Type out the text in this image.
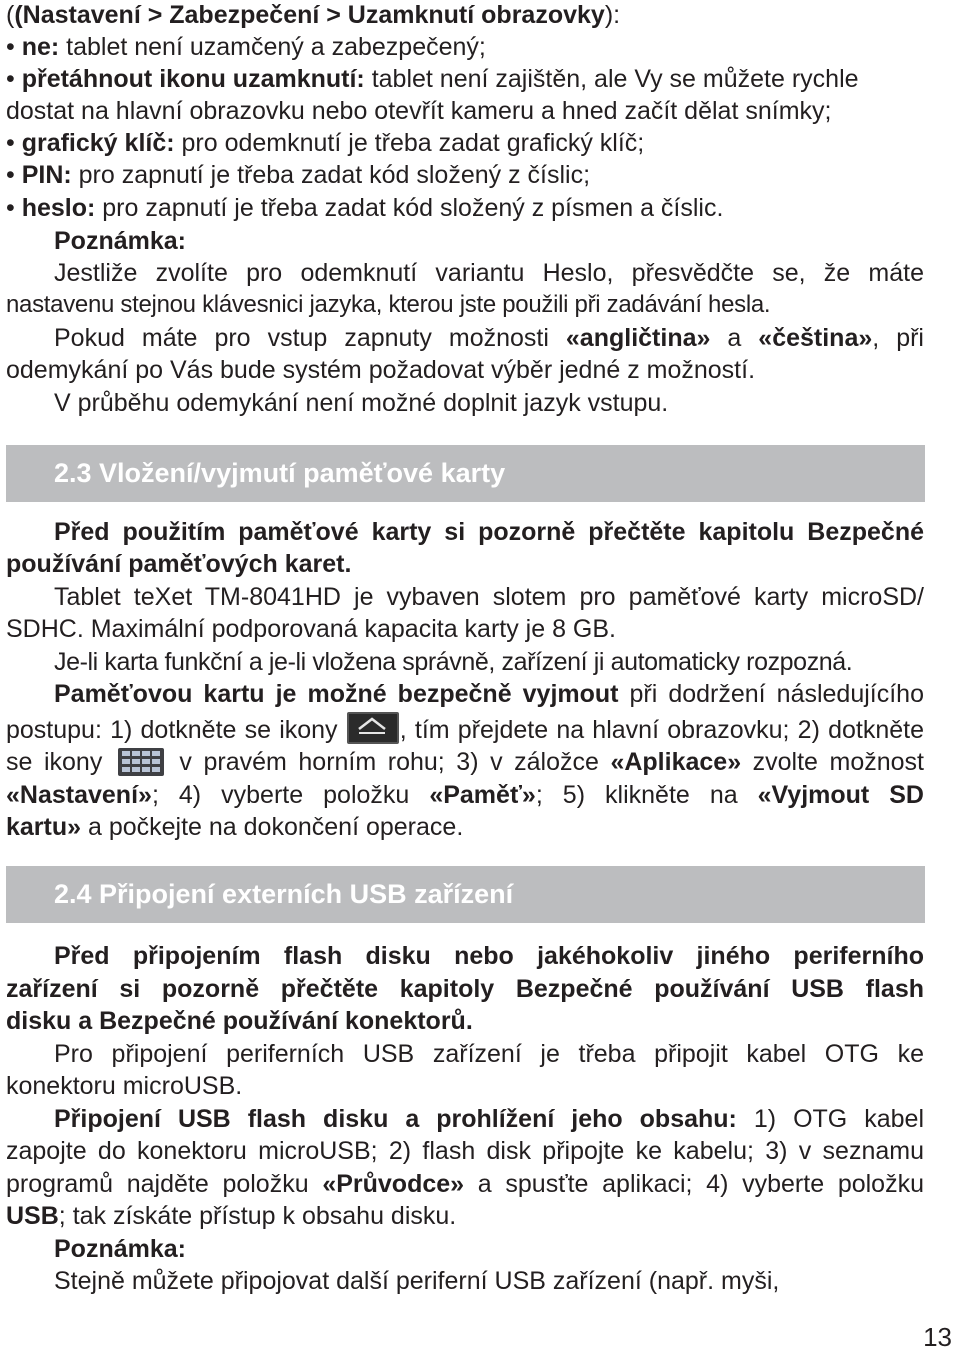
((Nastavení > Zabezpečení > Uzamknutí obrazovky):
• ne: tablet není uzamčený a zabezpečený;
• přetáhnout ikonu uzamknutí: tablet není zajištěn, ale Vy se můžete rychle
dostat na hlavní obrazovku nebo otevřít kameru a hned začít dělat snímky;
• grafický klíč: pro odemknutí je třeba zadat grafický klíč;
• PIN: pro zapnutí je třeba zadat kód složený z číslic;
• heslo: pro zapnutí je třeba zadat kód složený z písmen a číslic.
Poznámka:
Jestliže zvolíte pro odemknutí variantu Heslo, přesvědčte se, že máte
nastavenu stejnou klávesnici jazyka, kterou jste použili při zadávání hesla.
Pokud máte pro vstup zapnuty možnosti «angličtina» a «čeština», při
odemykání po Vás bude systém požadovat výběr jedné z možností.
V průběhu odemykání není možné doplnit jazyk vstupu.
2.3 Vložení/vyjmutí paměťové karty
Před použitím paměťové karty si pozorně přečtěte kapitolu Bezpečné
používání paměťových karet.
Tablet teXet TM-8041HD je vybaven slotem pro paměťové karty microSD/
SDHC. Maximální podporovaná kapacita karty je 8 GB.
Je-li karta funkční a je-li vložena správně, zařízení ji automaticky rozpozná.
Paměťovou kartu je možné bezpečně vyjmout při dodržení následujícího
postupu: 1) dotkněte se ikony
, tím přejdete na hlavní obrazovku; 2) dotkněte
se ikony
v pravém horním rohu; 3) v záložce «Aplikace» zvolte možnost
«Nastavení»; 4) vyberte položku «Paměť»; 5) klikněte na «Vyjmout SD
kartu» a počkejte na dokončení operace.
2.4 Připojení externích USB zařízení
Před připojením flash disku nebo jakéhokoliv jiného periferního
zařízení si pozorně přečtěte kapitoly Bezpečné používání USB flash
disku a Bezpečné používání konektorů.
Pro připojení periferních USB zařízení je třeba připojit kabel OTG ke
konektoru microUSB.
Připojení USB flash disku a prohlížení jeho obsahu: 1) OTG kabel
zapojte do konektoru microUSB; 2) flash disk připojte ke kabelu; 3) v seznamu
programů najděte položku «Průvodce» a spusťte aplikaci; 4) vyberte položku
USB; tak získáte přístup k obsahu disku.
Poznámka:
Stejně můžete připojovat další periferní USB zařízení (např. myši,
13
